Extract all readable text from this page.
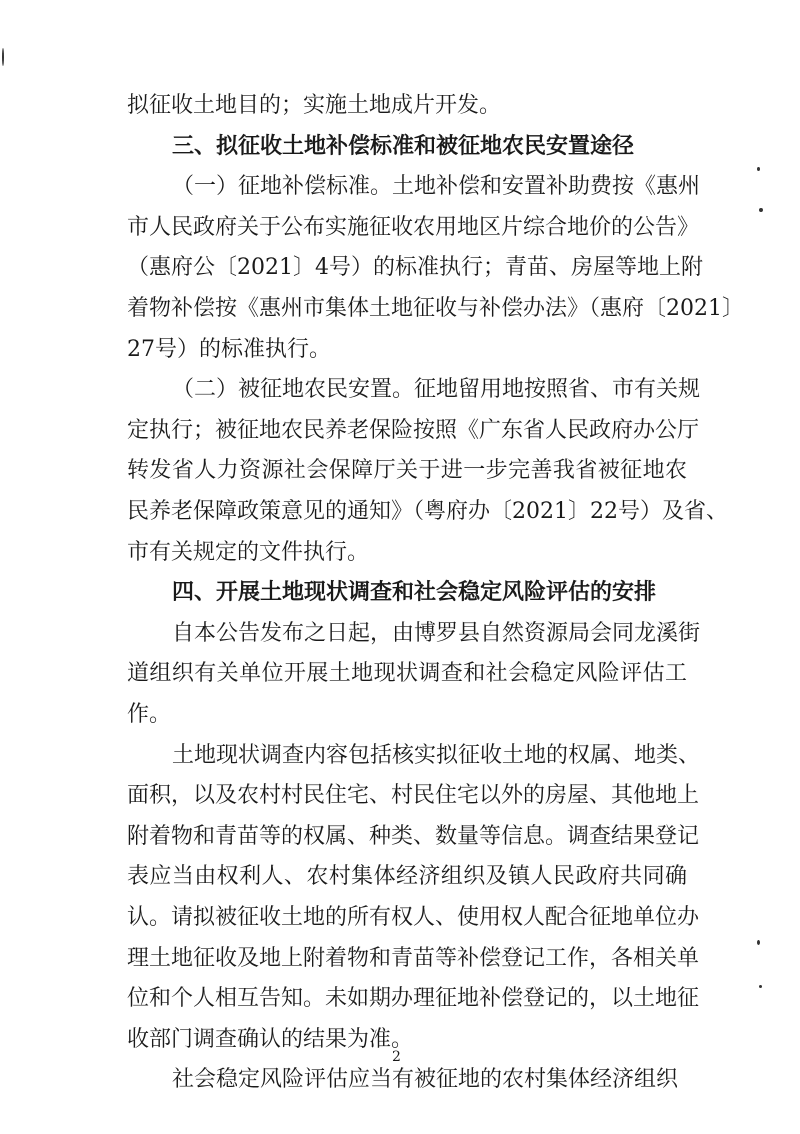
拟征收土地目的；实施土地成片开发。
三、拟征收土地补偿标准和被征地农民安置途径
（一）征地补偿标准。土地补偿和安置补助费按《惠州
市人民政府关于公布实施征收农用地区片综合地价的公告》
（惠府公〔2021〕4号）的标准执行；青苗、房屋等地上附
着物补偿按《惠州市集体土地征收与补偿办法》（惠府〔2021〕
27号）的标准执行。
（二）被征地农民安置。征地留用地按照省、市有关规
定执行；被征地农民养老保险按照《广东省人民政府办公厅
转发省人力资源社会保障厅关于进一步完善我省被征地农
民养老保障政策意见的通知》（粤府办〔2021〕22号）及省、
市有关规定的文件执行。
四、开展土地现状调查和社会稳定风险评估的安排
自本公告发布之日起，由博罗县自然资源局会同龙溪街
道组织有关单位开展土地现状调查和社会稳定风险评估工
作。
土地现状调查内容包括核实拟征收土地的权属、地类、
面积，以及农村村民住宅、村民住宅以外的房屋、其他地上
附着物和青苗等的权属、种类、数量等信息。调查结果登记
表应当由权利人、农村集体经济组织及镇人民政府共同确
认。请拟被征收土地的所有权人、使用权人配合征地单位办
理土地征收及地上附着物和青苗等补偿登记工作，各相关单
位和个人相互告知。未如期办理征地补偿登记的，以土地征
收部门调查确认的结果为准。
社会稳定风险评估应当有被征地的农村集体经济组织
2
